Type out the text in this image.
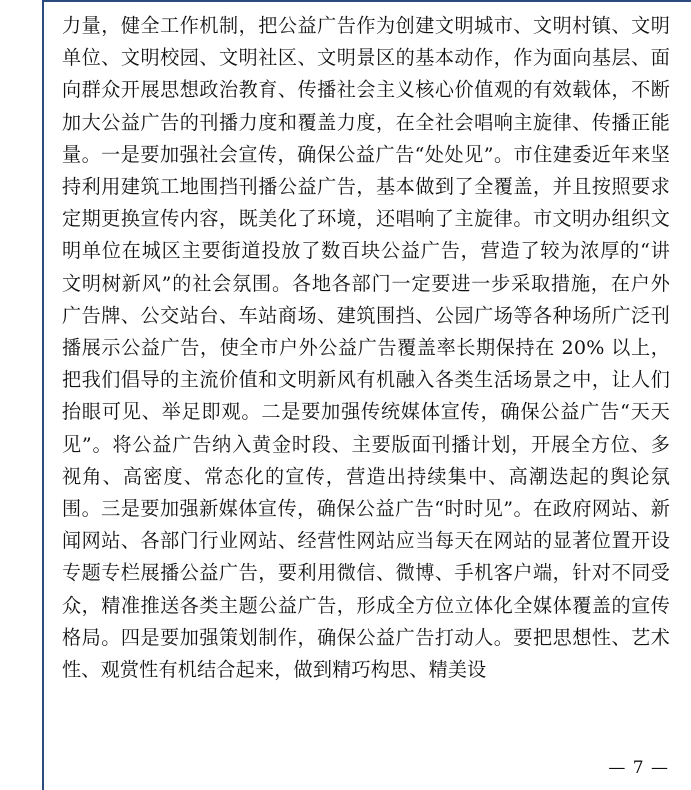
力量，健全工作机制，把公益广告作为创建文明城市、文明村镇、文明单位、文明校园、文明社区、文明景区的基本动作，作为面向基层、面向群众开展思想政治教育、传播社会主义核心价值观的有效载体，不断加大公益广告的刊播力度和覆盖力度，在全社会唱响主旋律、传播正能量。一是要加强社会宣传，确保公益广告“处处见”。市住建委近年来坚持利用建筑工地围挡刊播公益广告，基本做到了全覆盖，并且按照要求定期更换宣传内容，既美化了环境，还唱响了主旋律。市文明办组织文明单位在城区主要街道投放了数百块公益广告，营造了较为浓厚的“讲文明树新风”的社会氛围。各地各部门一定要进一步采取措施，在户外广告牌、公交站台、车站商场、建筑围挡、公园广场等各种场所广泛刊播展示公益广告，使全市户外公益广告覆盖率长期保持在 20% 以上，把我们倡导的主流价值和文明新风有机融入各类生活场景之中，让人们抬眼可见、举足即观。二是要加强传统媒体宣传，确保公益广告“天天见”。将公益广告纳入黄金时段、主要版面刊播计划，开展全方位、多视角、高密度、常态化的宣传，营造出持续集中、高潮迭起的舆论氛围。三是要加强新媒体宣传，确保公益广告“时时见”。在政府网站、新闻网站、各部门行业网站、经营性网站应当每天在网站的显著位置开设专题专栏展播公益广告，要利用微信、微博、手机客户端，针对不同受众，精准推送各类主题公益广告，形成全方位立体化全媒体覆盖的宣传格局。四是要加强策划制作，确保公益广告打动人。要把思想性、艺术性、观赏性有机结合起来，做到精巧构思、精美设

— 7 —
